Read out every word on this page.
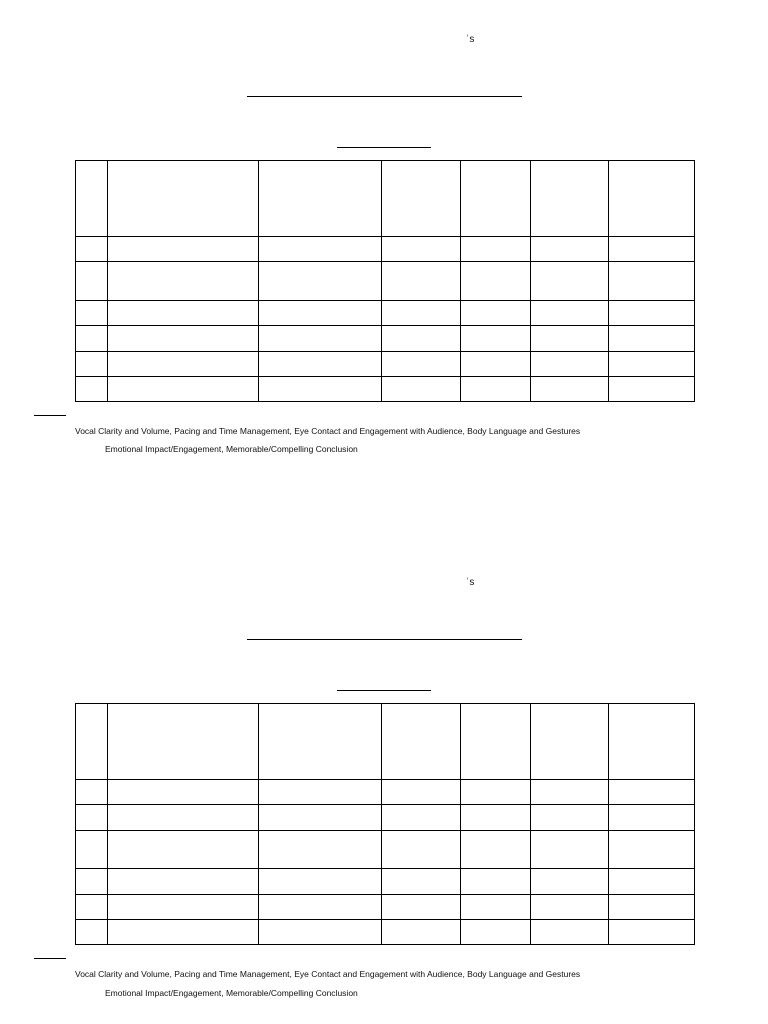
ʾs

Vocal Clarity and Volume, Pacing and Time Management, Eye Contact and Engagement with Audience, Body Language and Gestures
Emotional Impact/Engagement, Memorable/Compelling Conclusion
ʾs

Vocal Clarity and Volume, Pacing and Time Management, Eye Contact and Engagement with Audience, Body Language and Gestures
Emotional Impact/Engagement, Memorable/Compelling Conclusion
